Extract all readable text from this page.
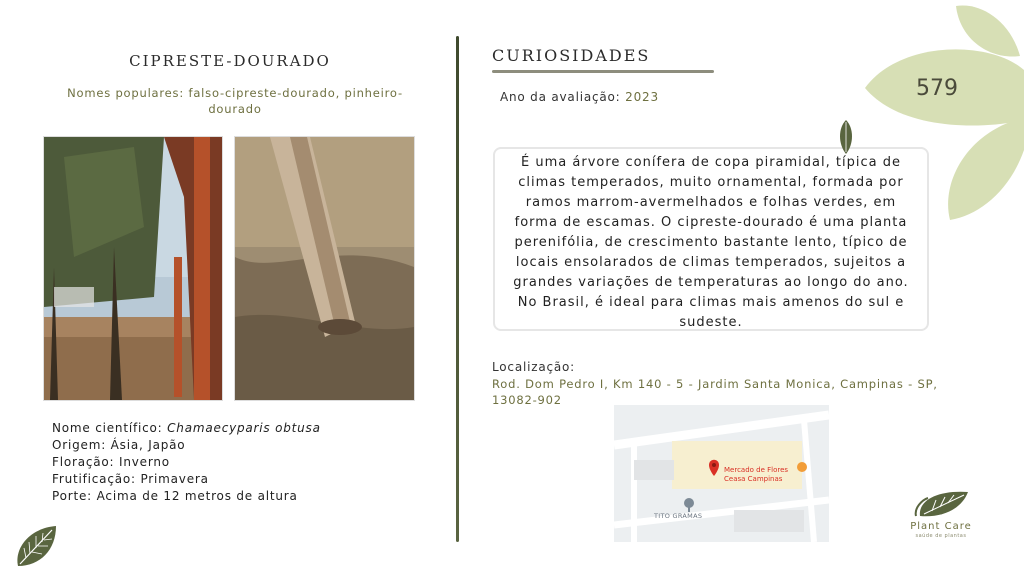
CIPRESTE-DOURADO
Nomes populares: falso-cipreste-dourado, pinheiro-dourado
Nome científico: Chamaecyparis obtusa
Origem: Ásia, Japão
Floração: Inverno
Frutificação: Primavera
Porte: Acima de 12 metros de altura
CURIOSIDADES
Ano da avaliação: 2023
É uma árvore conífera de copa piramidal, típica de climas temperados, muito ornamental, formada por ramos marrom-avermelhados e folhas verdes, em forma de escamas. O cipreste-dourado é uma planta perenifólia, de crescimento bastante lento, típico de locais ensolarados de climas temperados, sujeitos a grandes variações de temperaturas ao longo do ano. No Brasil, é ideal para climas mais amenos do sul e sudeste.
Localização:
Rod. Dom Pedro I, Km 140 - 5 - Jardim Santa Monica, Campinas - SP, 13082-902
Mercado de Flores
Ceasa Campinas
TITO GRAMAS
579
Plant Care
saúde de plantas
